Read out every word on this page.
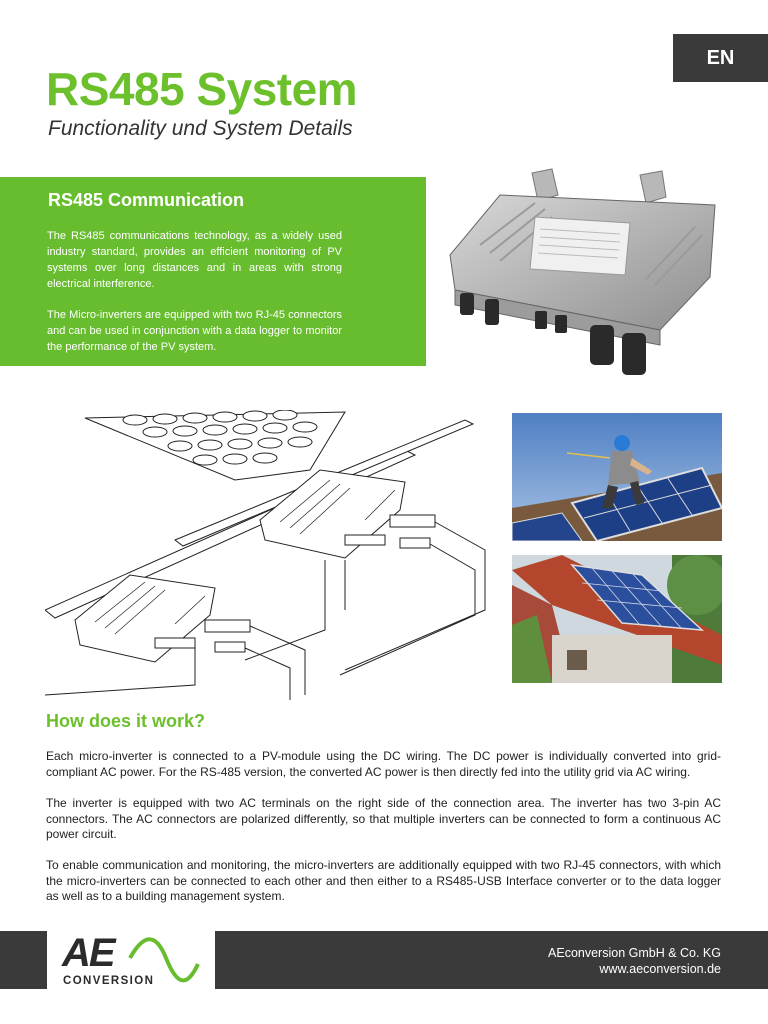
EN
RS485 System

Functionality und System Details

RS485 Communication

The RS485 communications technology, as a widely used industry standard, provides an efficient monitoring of PV systems over long distances and in areas with strong electrical interference.

The Micro-inverters are equipped with two RJ-45 connectors and can be used in conjunction with a data logger to monitor the performance of the PV system.

How does it work?

Each micro-inverter is connected to a PV-module using the DC wiring. The DC power is individually converted into grid-compliant AC power. For the RS-485 version, the converted AC power is then directly fed into the utility grid via AC wiring.

The inverter is equipped with two AC terminals on the right side of the connection area. The inverter has two 3-pin AC connectors. The AC connectors are polarized differently, so that multiple inverters can be connected to form a continuous AC power circuit.

To enable communication and monitoring, the micro-inverters are additionally equipped with two RJ-45 connectors, with which the micro-inverters can be connected to each other and then either to a RS485-USB Interface converter or to the data logger as well as to a building management system.

AE
CONVERSION

AEconversion GmbH & Co. KG

www.aeconversion.de
